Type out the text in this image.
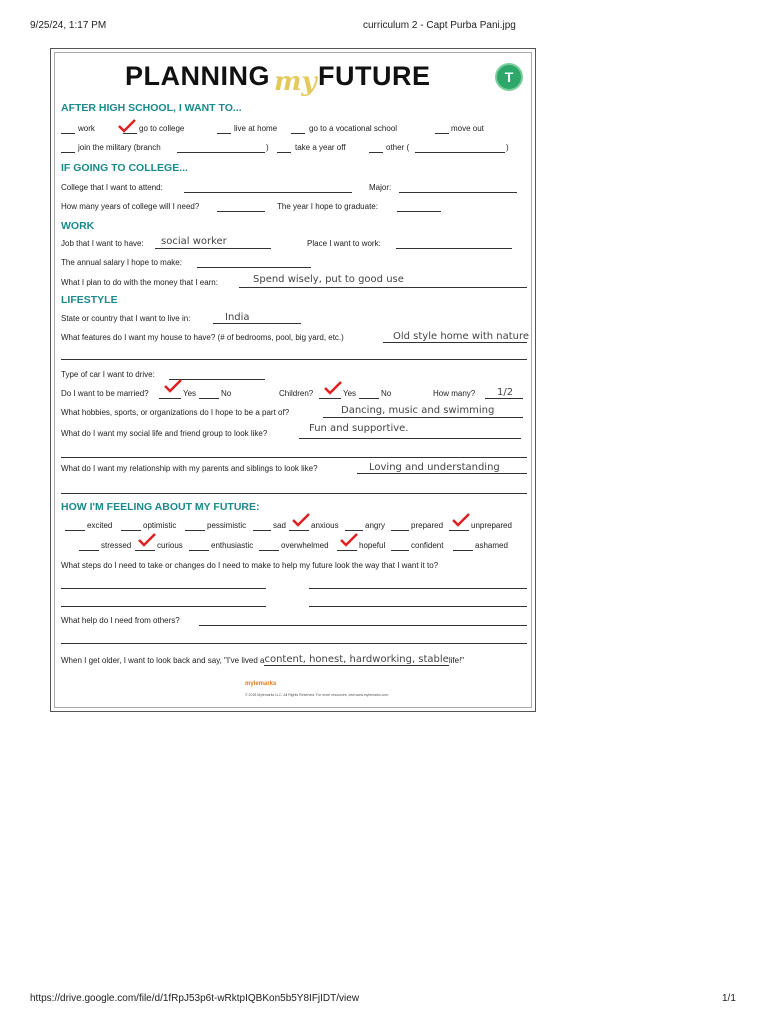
9/25/24, 1:17 PM	curriculum 2 - Capt Purba Pani.jpg
PLANNING my FUTURE	T
AFTER HIGH SCHOOL, I WANT TO...
work	go to college	live at home	go to a vocational school	move out
join the military (branch	)	take a year off	other (	)
IF GOING TO COLLEGE...
College that I want to attend:	Major:
How many years of college will I need?	The year I hope to graduate:
WORK
Job that I want to have: social worker	Place I want to work:
The annual salary I hope to make:
What I plan to do with the money that I earn:	Spend wisely, put to good use
LIFESTYLE
State or country that I want to live in:	India
What features do I want my house to have? (# of bedrooms, pool, big yard, etc.)	Old style home with nature
Type of car I want to drive:
Do I want to be married?	Yes	No	Children?	Yes	No	How many? 1/2
What hobbies, sports, or organizations do I hope to be a part of?	Dancing, music and swimming
What do I want my social life and friend group to look like?	Fun and supportive.
What do I want my relationship with my parents and siblings to look like?	Loving and understanding
HOW I'M FEELING ABOUT MY FUTURE:
excited	optimistic	pessimistic	sad	anxious	angry	prepared	unprepared
stressed	curious	enthusiastic	overwhelmed	hopeful	confident	ashamed
What steps do I need to take or changes do I need to make to help my future look the way that I want it to?
What help do I need from others?
When I get older, I want to look back and say, "I've lived acontent, honest, hardworking, stablelife!"
mylemarks
© 2018 Mylemarks LLC. All Rights Reserved. For more resources, visit www.mylemarks.com
https://drive.google.com/file/d/1fRpJ53p6t-wRktpIQBKon5b5Y8IFjIDT/view	1/1
